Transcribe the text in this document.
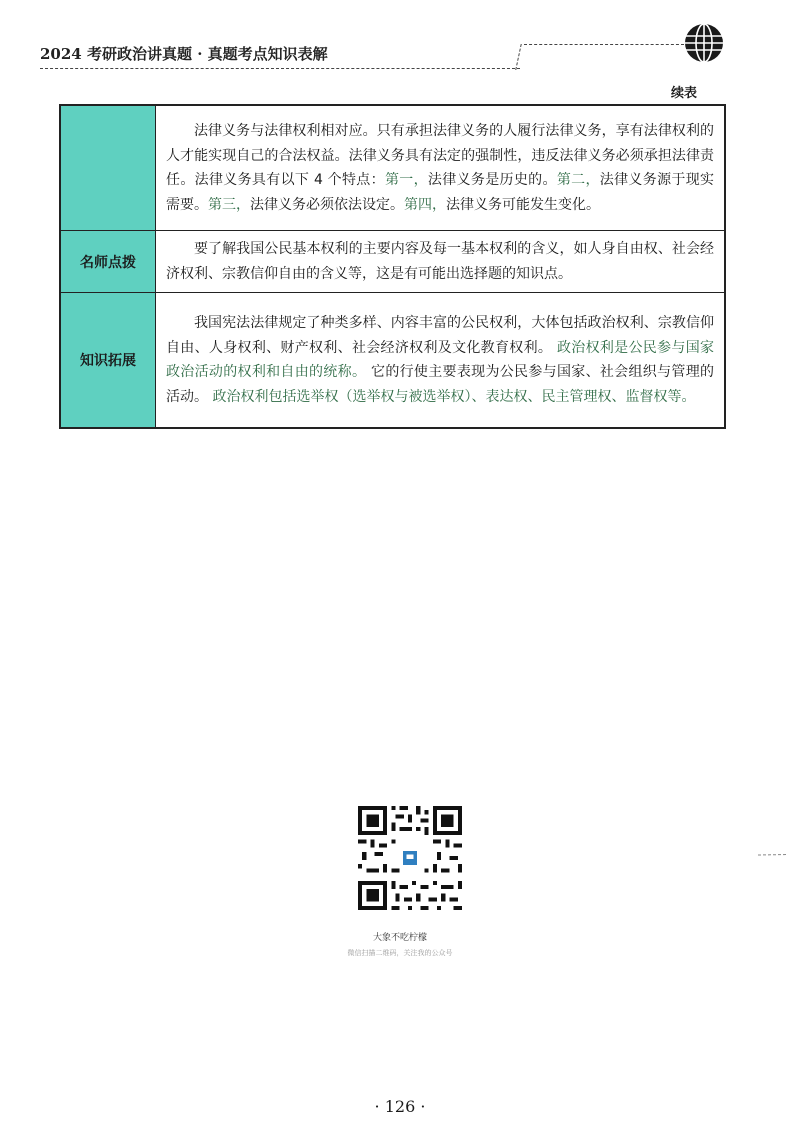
2024 考研政治讲真题 · 真题考点知识表解
续表

	法律义务与法律权利相对应。只有承担法律义务的人履行法律义务，享有法律权利的人才能实现自己的合法权益。法律义务具有法定的强制性，违反法律义务必须承担法律责任。法律义务具有以下 4 个特点：第一，法律义务是历史的。第二，法律义务源于现实需要。第三，法律义务必须依法设定。第四，法律义务可能发生变化。

名师点拨	要了解我国公民基本权利的主要内容及每一基本权利的含义，如人身自由权、社会经济权利、宗教信仰自由的含义等，这是有可能出选择题的知识点。

知识拓展	我国宪法法律规定了种类多样、内容丰富的公民权利，大体包括政治权利、宗教信仰自由、人身权利、财产权利、社会经济权利及文化教育权利。 政治权利是公民参与国家政治活动的权利和自由的统称。 它的行使主要表现为公民参与国家、社会组织与管理的活动。 政治权利包括选举权（选举权与被选举权）、表达权、民主管理权、监督权等。
大象不吃柠檬
微信扫描二维码，关注我的公众号
· 126 ·
